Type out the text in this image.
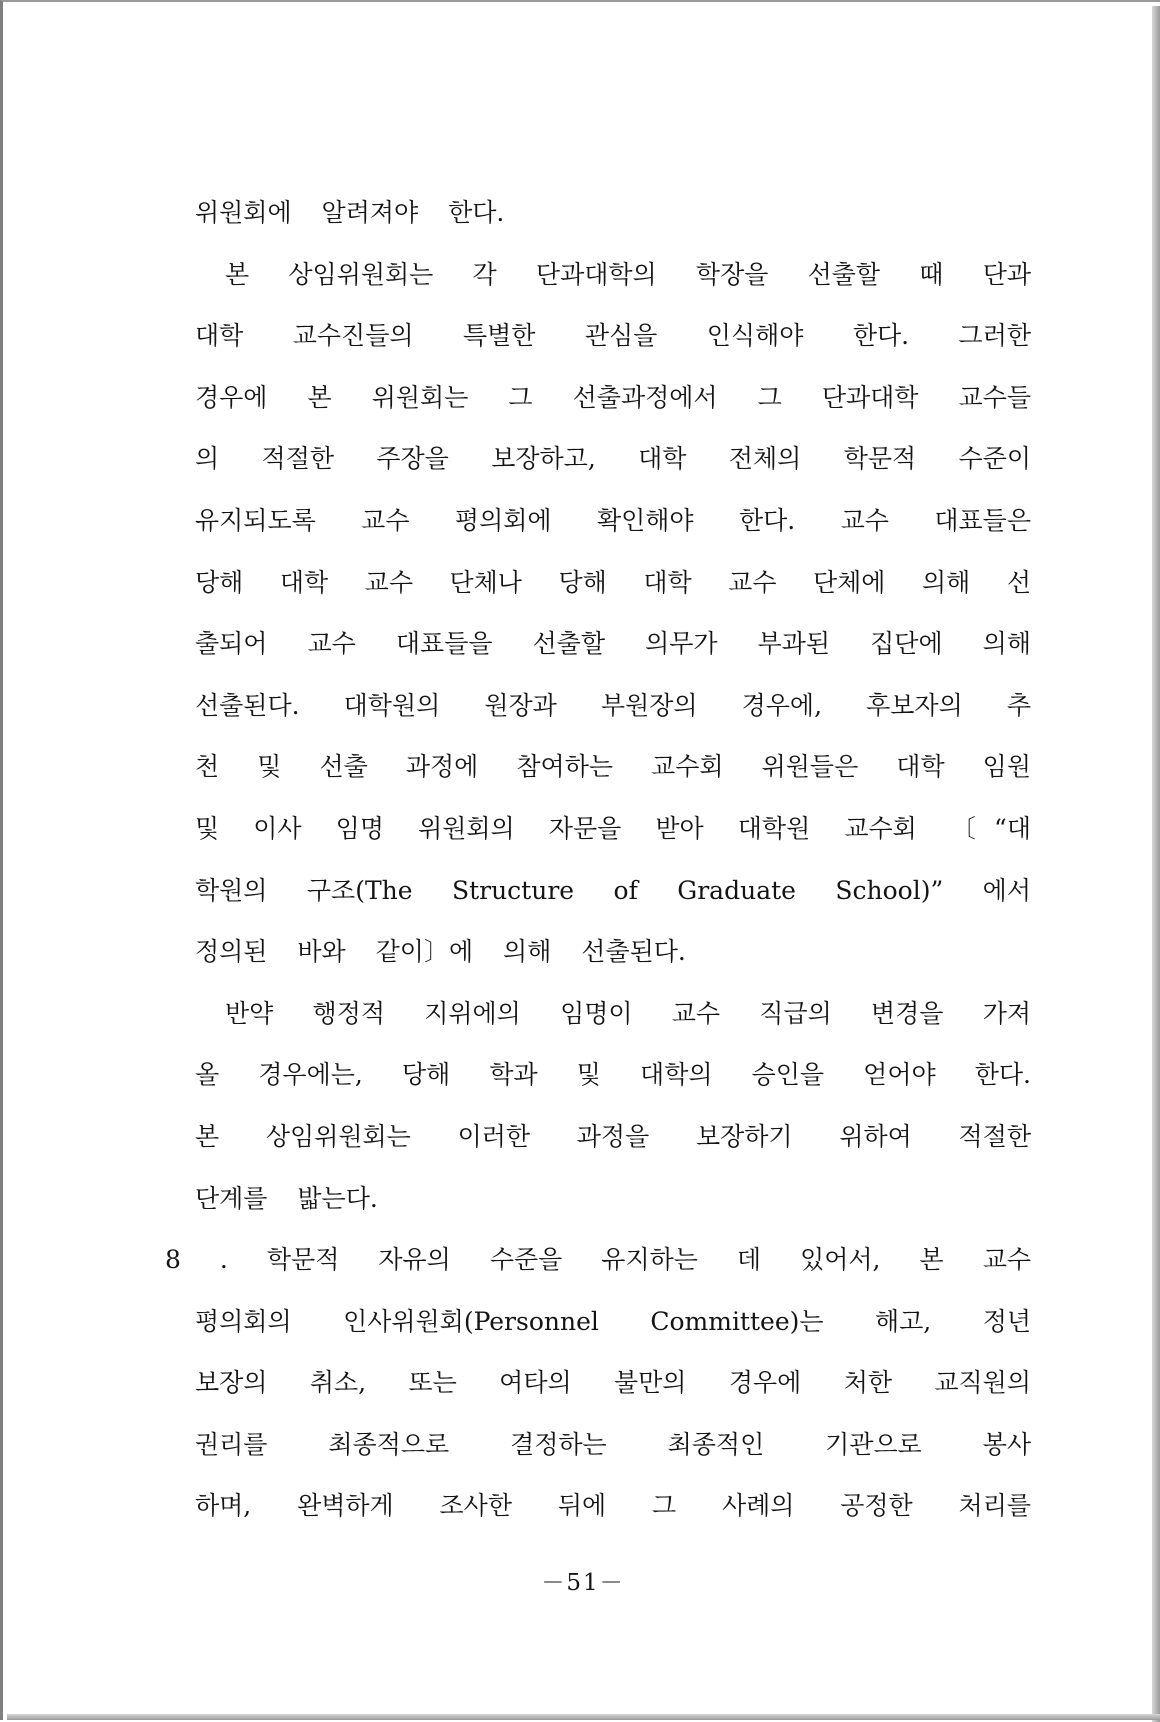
위원회에 알려져야 한다.
본 상임위원회는 각 단과대학의 학장을 선출할 때 단과
대학 교수진들의 특별한 관심을 인식해야 한다. 그러한
경우에 본 위원회는 그 선출과정에서 그 단과대학 교수들
의 적절한 주장을 보장하고, 대학 전체의 학문적 수준이
유지되도록 교수 평의회에 확인해야 한다. 교수 대표들은
당해 대학 교수 단체나 당해 대학 교수 단체에 의해 선
출되어 교수 대표들을 선출할 의무가 부과된 집단에 의해
선출된다. 대학원의 원장과 부원장의 경우에, 후보자의 추
천 및 선출 과정에 참여하는 교수회 위원들은 대학 임원
및 이사 임명 위원회의 자문을 받아 대학원 교수회 〔“대
학원의 구조(The Structure of Graduate School)” 에서
정의된 바와 같이〕에 의해 선출된다.
반약 행정적 지위에의 임명이 교수 직급의 변경을 가져
올 경우에는, 당해 학과 및 대학의 승인을 얻어야 한다.
본 상임위원회는 이러한 과정을 보장하기 위하여 적절한
단계를 밟는다.
8 . 학문적 자유의 수준을 유지하는 데 있어서, 본 교수
평의회의 인사위원회(Personnel Committee)는 해고, 정년
보장의 취소, 또는 여타의 불만의 경우에 처한 교직원의
권리를 최종적으로 결정하는 최종적인 기관으로 봉사
하며, 완벽하게 조사한 뒤에 그 사례의 공정한 처리를
－51－
